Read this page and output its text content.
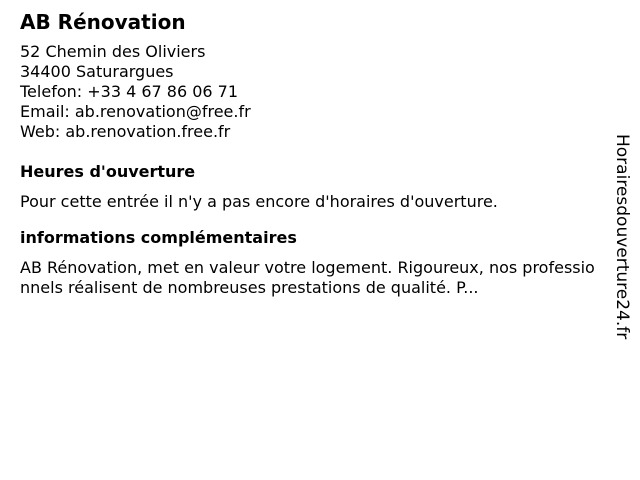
AB Rénovation
52 Chemin des Oliviers
34400 Saturargues
Telefon: +33 4 67 86 06 71
Email: ab.renovation@free.fr
Web: ab.renovation.free.fr
Heures d'ouverture

Pour cette entrée il n'y a pas encore d'horaires d'ouverture.

informations complémentaires

AB Rénovation, met en valeur votre logement. Rigoureux, nos professionnels réalisent de nombreuses prestations de qualité. P...	Horairesdouverture24.fr
